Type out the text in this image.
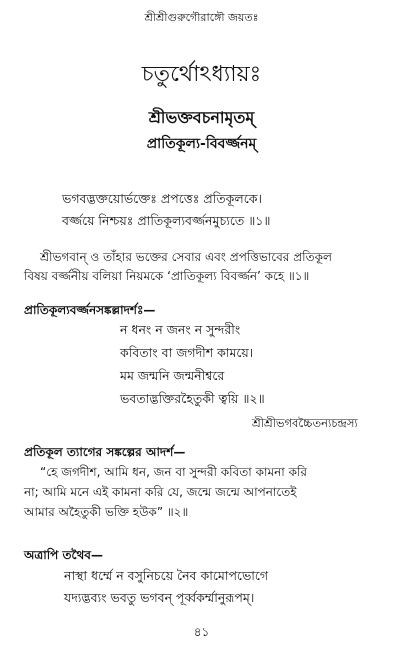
শ্রীশ্রীগুরুগৌরাঙ্গৌ জয়তঃ
চতুর্থোঽধ্যায়ঃ
শ্রীভক্তবচনামৃতম্
প্রাতিকূল্য-বিবর্জ্জনম্
ভগবদ্ভক্তয়োর্ভক্তেঃ প্রপত্তেঃ প্রতিকূলকে।
বর্জ্জয়ে নিশ্চয়ঃ প্রাতিকূল্যবর্জ্জনমুচ্যতে ॥১॥
শ্রীভগবান্ ও তাঁহার ভক্তের সেবার এবং প্রপত্তিভাবের প্রতিকূল
বিষয় বর্জ্জনীয় বলিয়া নিয়মকে ‘প্রাতিকূল্য বিবর্জ্জন’ কহে ॥১॥
প্রাতিকূল্যবর্জ্জনসঙ্কল্লাদর্শঃ—
ন ধনং ন জনং ন সুন্দরীং
কবিতাং বা জগদীশ কাময়ে।
মম জন্মনি জন্মনীশ্বরে
ভবতাদ্ভক্তিরহৈতুকী ত্বয়ি ॥২॥
শ্রীশ্রীভগবচ্চৈতন্যচন্দ্রস্য
প্রতিকূল ত্যাগের সঙ্কল্পের আদর্শ—
“হে জগদীশ, আমি ধন, জন বা সুন্দরী কবিতা কামনা করি
না; আমি মনে এই কামনা করি যে, জন্মে জন্মে আপনাতেই
আমার অহৈতুকী ভক্তি হউক” ॥২॥
অত্রাপি তথৈব—
নাস্থা ধর্ম্মে ন বসুনিচয়ে নৈব কামোপভোগে
যদ্যদ্ভব্যং ভবতু ভগবন্ পূর্ব্বকর্ম্মানুরূপম্।
৪১
